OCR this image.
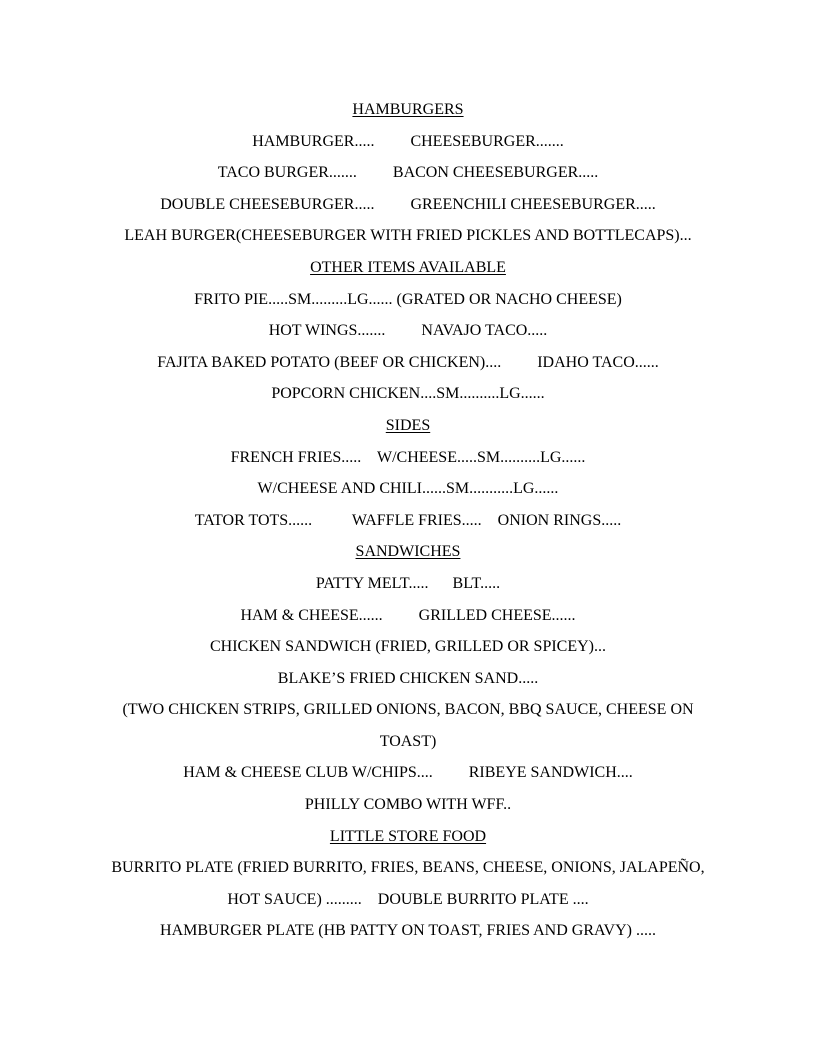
HAMBURGERS
HAMBURGER.....         CHEESEBURGER.......
TACO BURGER.......         BACON CHEESEBURGER.....
DOUBLE CHEESEBURGER.....         GREENCHILI CHEESEBURGER.....
LEAH BURGER(CHEESEBURGER WITH FRIED PICKLES AND BOTTLECAPS)...
OTHER ITEMS AVAILABLE
FRITO PIE.....SM.........LG...... (GRATED OR NACHO CHEESE)
HOT WINGS.......         NAVAJO TACO.....
FAJITA BAKED POTATO (BEEF OR CHICKEN)....         IDAHO TACO......
POPCORN CHICKEN....SM..........LG......
SIDES
FRENCH FRIES.....    W/CHEESE.....SM..........LG......
W/CHEESE AND CHILI......SM...........LG......
TATOR TOTS......          WAFFLE FRIES.....    ONION RINGS.....
SANDWICHES
PATTY MELT.....      BLT.....
HAM & CHEESE......         GRILLED CHEESE......
CHICKEN SANDWICH (FRIED, GRILLED OR SPICEY)...
BLAKE’S FRIED CHICKEN SAND.....
(TWO CHICKEN STRIPS, GRILLED ONIONS, BACON, BBQ SAUCE, CHEESE ON
TOAST)
HAM & CHEESE CLUB W/CHIPS....         RIBEYE SANDWICH....
PHILLY COMBO WITH WFF..
LITTLE STORE FOOD
BURRITO PLATE (FRIED BURRITO, FRIES, BEANS, CHEESE, ONIONS, JALAPEÑO,
HOT SAUCE) .........    DOUBLE BURRITO PLATE ....
HAMBURGER PLATE (HB PATTY ON TOAST, FRIES AND GRAVY) .....
